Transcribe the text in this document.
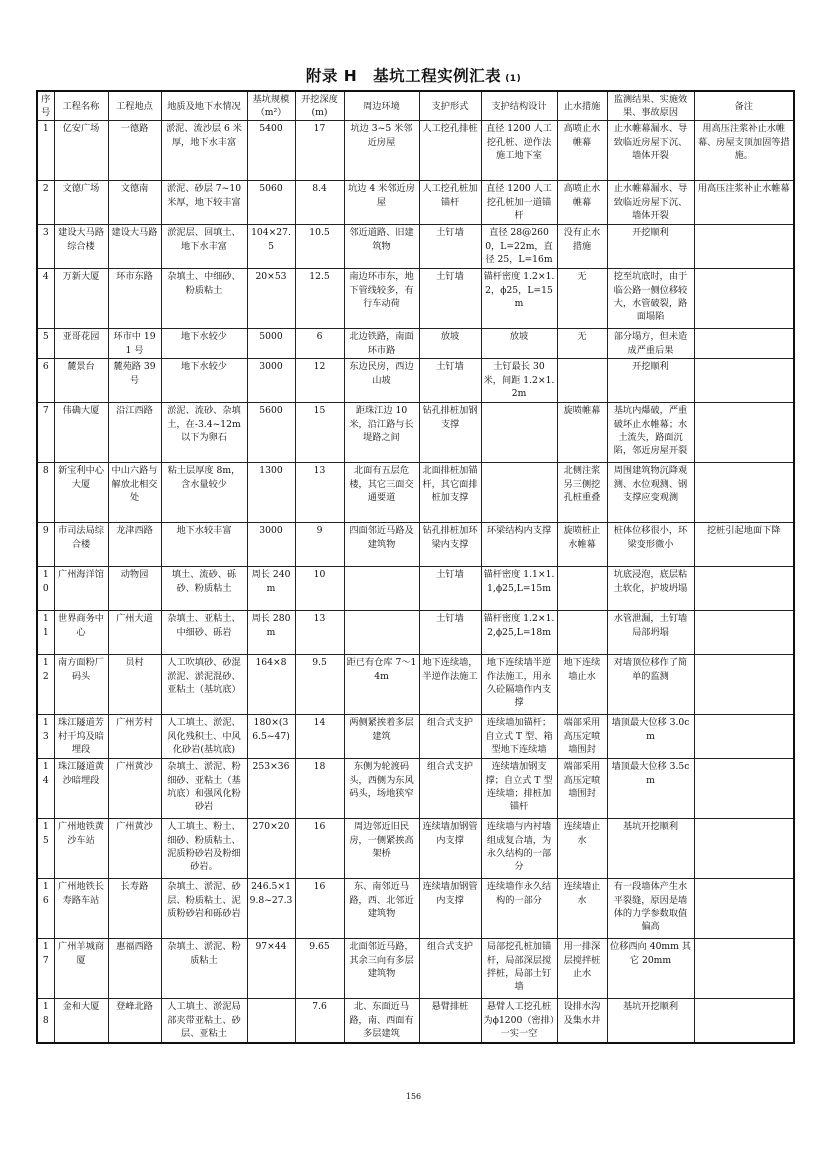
附录 H　基坑工程实例汇表 (1)
序号	工程名称	工程地点	地质及地下水情况	基坑规模（m²）	开挖深度(m)	周边环境	支护形式	支护结构设计	止水措施	监测结果、实施效果、事故原因	备注
1	亿安广场	一德路	淤泥、流沙层 6 米厚，地下水丰富	5400	17	坑边 3~5 米邻近房屋	人工挖孔排桩	直径 1200 人工挖孔桩、逆作法施工地下室	高喷止水帷幕	止水帷幕漏水、导致临近房屋下沉、墙体开裂	用高压注浆补止水帷幕、房屋支顶加固等措施。
2	文德广场	文德南	淤泥、砂层 7~10 米厚，地下较丰富	5060	8.4	坑边 4 米邻近房屋	人工挖孔桩加锚杆	直径 1200 人工挖孔桩加一道锚杆	高喷止水帷幕	止水帷幕漏水、导致临近房屋下沉、墙体开裂	用高压注浆补止水帷幕
3	建设大马路综合楼	建设大马路	淤泥层、回填土、地下水丰富	104×27.5	10.5	邻近道路、旧建筑物	土钉墙	直径 28@2600，L=22m，直径 25，L=16m	没有止水措施	开挖顺利	
4	万新大厦	环市东路	杂填土、中细砂、粉质粘土	20×53	12.5	南边环市东，地下管线较多，有行车动荷	土钉墙	锚杆密度 1.2×1.2，ϕ25，L=15m	无	挖至坑底时，由于临公路一侧位移较大，水管破裂，路面塌陷	
5	亚哥花园	环市中 191 号	地下水较少	5000	6	北边铁路，南面环市路	放坡	放坡	无	部分塌方，但未造成严重后果	
6	麓景台	麓苑路 39 号	地下水较少	3000	12	东边民房，西边山坡	土钉墙	土钉最长 30 米，间距 1.2×1.2m		开挖顺利	
7	伟确大厦	沿江西路	淤泥、流砂、杂填土，在-3.4~12m 以下为卵石	5600	15	距珠江边 10 米，沿江路与长堤路之间	钻孔排桩加钢支撑		旋喷帷幕	基坑内爆破，严重破坏止水帷幕；水土流失，路面沉陷，邻近房屋开裂	
8	新宝利中心大厦	中山六路与解放北相交处	粘土层厚度 8m，含水量较少	1300	13	北面有五层危楼，其它三面交通要道	北面排桩加锚杆，其它面排桩加支撑		北侧注浆另三侧挖孔桩重叠	周围建筑物沉降观测、水位观测、钢支撑应变观测	
9	市司法局综合楼	龙津西路	地下水较丰富	3000	9	四面邻近马路及建筑物	钻孔排桩加环梁内支撑	环梁结构内支撑	旋喷桩止水帷幕	桩体位移很小，环梁变形微小	挖桩引起地面下降
10	广州海洋馆	动物园	填土、流砂、砾砂、粉质粘土	周长 240m	10		土钉墙	锚杆密度 1.1×1.1,ϕ25,L=15m		坑底浸泡，底层粘土软化，护坡坍塌	
11	世界商务中心	广州大道	杂填土、亚粘土、中细砂、砾岩	周长 280m	13		土钉墙	锚杆密度 1.2×1.2,ϕ25,L=18m		水管泄漏，土钉墙局部坍塌	
12	南方面粉厂码头	员村	人工吹填砂、砂混淤泥、淤泥混砂、亚粘土（基坑底）	164×8	9.5	距已有仓库 7～14m	地下连续墙，半逆作法施工	地下连续墙半逆作法施工，用永久砼隔墙作内支撑	地下连续墙止水	对墙顶位移作了简单的监测	
13	珠江隧道芳村干坞及暗埋段	广州芳村	人工填土、淤泥、风化残积土、中风化砂岩(基坑底)	180×(36.5~47)	14	两侧紧挨着多层建筑	组合式支护	连续墙加锚杆；自立式 T 型、箱型地下连续墙	端部采用高压定喷墙围封	墙顶最大位移 3.0cm	
14	珠江隧道黄沙暗埋段	广州黄沙	杂填土、淤泥、粉细砂、亚粘土（基坑底）和强风化粉砂岩	253×36	18	东侧为轮渡码头，西侧为东风码头，场地狭窄	组合式支护	连续墙加钢支撑；自立式 T 型连续墙；排桩加锚杆	端部采用高压定喷墙围封	墙顶最大位移 3.5cm	
15	广州地铁黄沙车站	广州黄沙	人工填土、粉土、细砂、粉质粘土、泥质粉砂岩及粉细砂岩。	270×20	16	周边邻近旧民房，一侧紧挨高架桥	连续墙加钢管内支撑	连续墙与内衬墙组成复合墙，为永久结构的一部分	连续墙止水	基坑开挖顺利	
16	广州地铁长寿路车站	长寿路	杂填土、淤泥、砂层、粉质粘土、泥质粉砂岩和砾砂岩	246.5×19.8~27.3	16	东、南邻近马路，西、北邻近建筑物	连续墙加钢管内支撑	连续墙作永久结构的一部分	连续墙止水	有一段墙体产生水平裂缝，原因是墙体的力学参数取值偏高	
17	广州羊城商厦	惠福西路	杂填土、淤泥、粉质粘土	97×44	9.65	北面邻近马路，其余三向有多层建筑物	组合式支护	局部挖孔桩加锚杆，局部深层搅拌桩，局部土钉墙	用一排深层搅拌桩止水	位移西向 40mm 其它 20mm	
18	金和大厦	登峰北路	人工填土、淤泥局部夹带亚粘土、砂层、亚粘土		7.6	北、东面近马路，南、西面有多层建筑	悬臂排桩	悬臂人工挖孔桩为ϕ1200（密排）一实一空	设排水沟及集水井	基坑开挖顺利	
156
